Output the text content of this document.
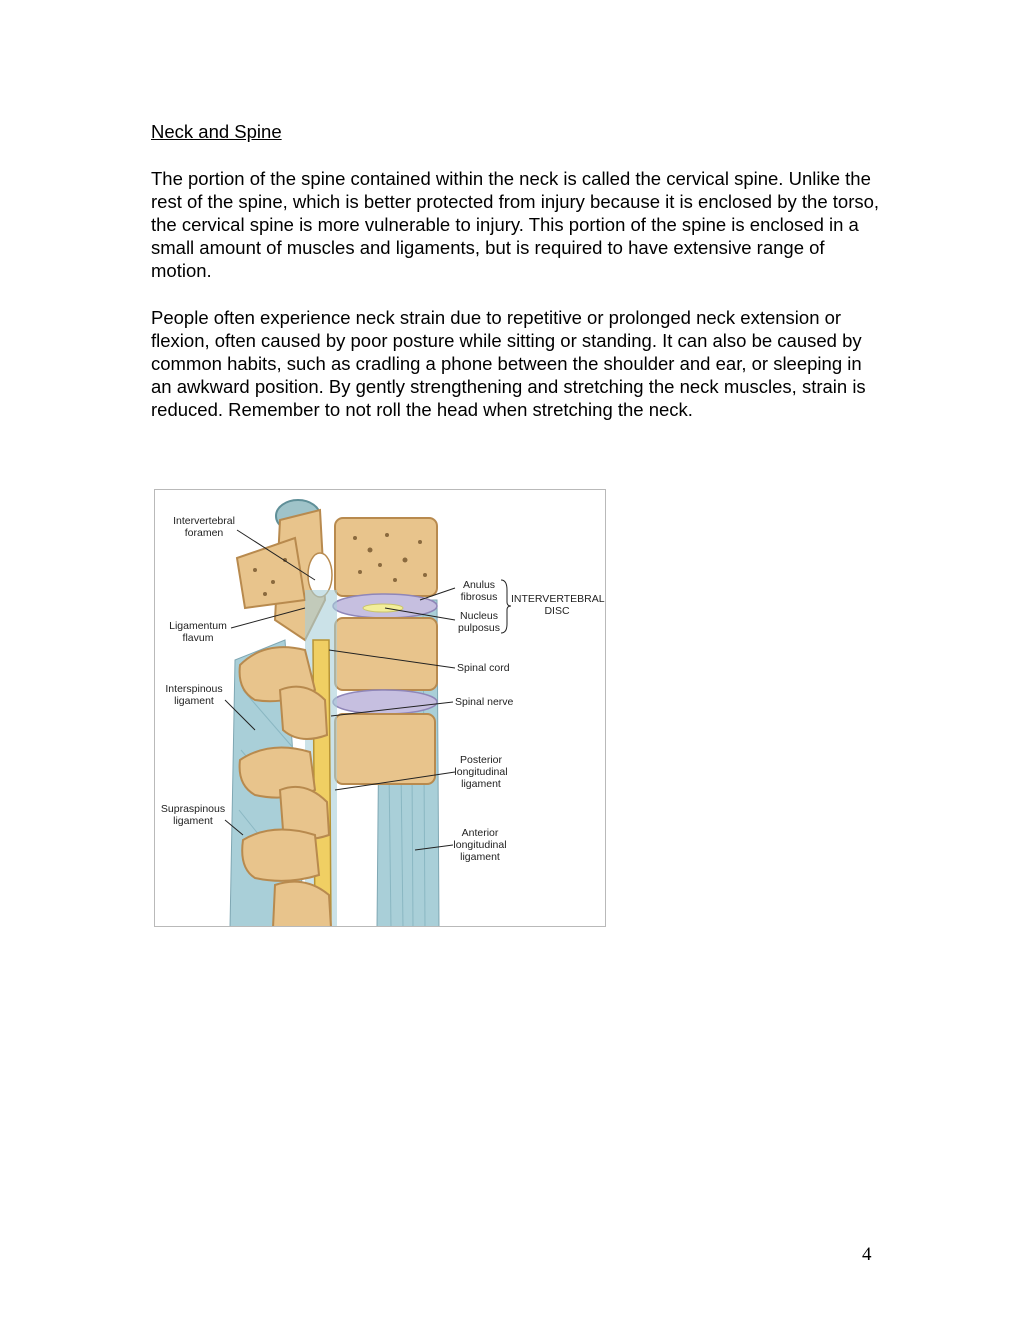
Neck and Spine

The portion of the spine contained within the neck is called the cervical spine. Unlike the rest of the spine, which is better protected from injury because it is enclosed by the torso, the cervical spine is more vulnerable to injury. This portion of the spine is enclosed in a small amount of muscles and ligaments, but is required to have extensive range of motion.

People often experience neck strain due to repetitive or prolonged neck extension or flexion, often caused by poor posture while sitting or standing. It can also be caused by common habits, such as cradling a phone between the shoulder and ear, or sleeping in an awkward position. By gently strengthening and stretching the neck muscles, strain is reduced. Remember to not roll the head when stretching the neck.

Intervertebral
foramen
Ligamentum
flavum
Interspinous
ligament
Supraspinous
ligament
Anulus
fibrosus
Nucleus
pulposus
INTERVERTEBRAL
DISC
Spinal cord
Spinal nerve
Posterior
longitudinal
ligament
Anterior
longitudinal
ligament
4
